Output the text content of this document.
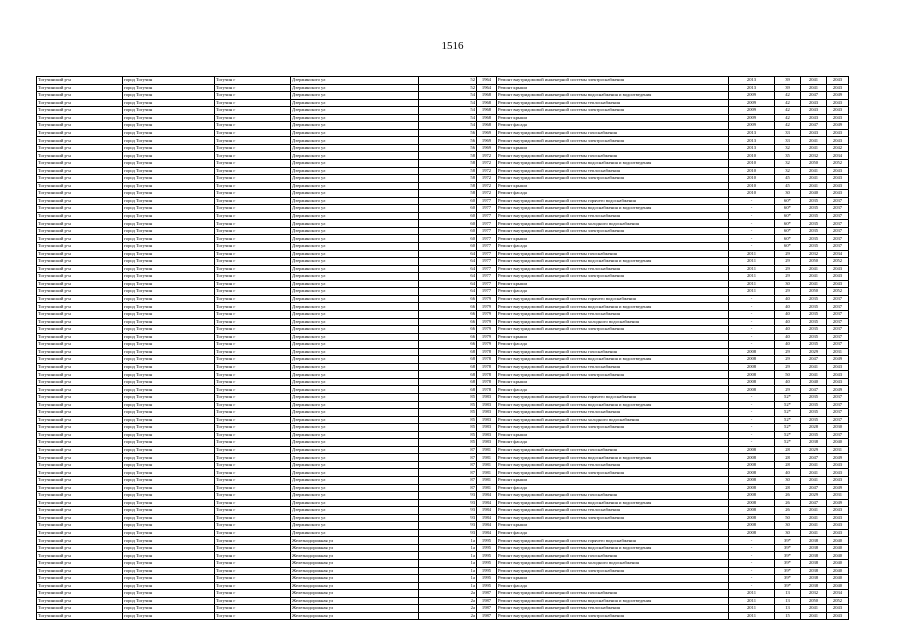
1516
Тогучинский р-н	город Тогучин	Тогучин г	Дзержинского ул	52	1964	Ремонт внутридомовой инженерной системы электроснабжения	2013	39	2041	2043
Тогучинский р-н	город Тогучин	Тогучин г	Дзержинского ул	52	1964	Ремонт крыши	2013	39	2041	2043
Тогучинский р-н	город Тогучин	Тогучин г	Дзержинского ул	54	1968	Ремонт внутридомовой инженерной системы водоснабжения и водоотведения	2009	42	2047	2049
Тогучинский р-н	город Тогучин	Тогучин г	Дзержинского ул	54	1968	Ремонт внутридомовой инженерной системы теплоснабжения	2009	42	2043	2043
Тогучинский р-н	город Тогучин	Тогучин г	Дзержинского ул	54	1968	Ремонт внутридомовой инженерной системы электроснабжения	2009	42	2043	2043
Тогучинский р-н	город Тогучин	Тогучин г	Дзержинского ул	54	1968	Ремонт крыши	2009	42	2043	2043
Тогучинский р-н	город Тогучин	Тогучин г	Дзержинского ул	54	1968	Ремонт фасада	2009	42	2047	2049
Тогучинский р-н	город Тогучин	Тогучин г	Дзержинского ул	56	1969	Ремонт внутридомовой инженерной системы газоснабжения	2013	33	2043	2043
Тогучинский р-н	город Тогучин	Тогучин г	Дзержинского ул	56	1969	Ремонт внутридомовой инженерной системы электроснабжения	2013	33	2041	2043
Тогучинский р-н	город Тогучин	Тогучин г	Дзержинского ул	56	1969	Ремонт крыши	2013	32	2041	2042
Тогучинский р-н	город Тогучин	Тогучин г	Дзержинского ул	58	1972	Ремонт внутридомовой инженерной системы газоснабжения	2010	35	2032	2034
Тогучинский р-н	город Тогучин	Тогучин г	Дзержинского ул	58	1972	Ремонт внутридомовой инженерной системы водоснабжения и водоотведения	2010	32	2050	2052
Тогучинский р-н	город Тогучин	Тогучин г	Дзержинского ул	58	1972	Ремонт внутридомовой инженерной системы теплоснабжения	2010	32	2041	2043
Тогучинский р-н	город Тогучин	Тогучин г	Дзержинского ул	58	1972	Ремонт внутридомовой инженерной системы электроснабжения	2010	45	2041	2043
Тогучинский р-н	город Тогучин	Тогучин г	Дзержинского ул	58	1972	Ремонт крыши	2010	45	2041	2043
Тогучинский р-н	город Тогучин	Тогучин г	Дзержинского ул	58	1972	Ремонт фасада	2010	30	2040	2043
Тогучинский р-н	город Тогучин	Тогучин г	Дзержинского ул	60	1977	Ремонт внутридомовой инженерной системы горячего водоснабжения	-	60*	2035	2037
Тогучинский р-н	город Тогучин	Тогучин г	Дзержинского ул	60	1977	Ремонт внутридомовой инженерной системы водоснабжения и водоотведения	-	60*	2035	2037
Тогучинский р-н	город Тогучин	Тогучин г	Дзержинского ул	60	1977	Ремонт внутридомовой инженерной системы теплоснабжения	-	60*	2035	2037
Тогучинский р-н	город Тогучин	Тогучин г	Дзержинского ул	60	1977	Ремонт внутридомовой инженерной системы холодного водоснабжения	-	60*	2035	2037
Тогучинский р-н	город Тогучин	Тогучин г	Дзержинского ул	60	1977	Ремонт внутридомовой инженерной системы электроснабжения	-	60*	2035	2037
Тогучинский р-н	город Тогучин	Тогучин г	Дзержинского ул	60	1977	Ремонт крыши	-	60*	2035	2037
Тогучинский р-н	город Тогучин	Тогучин г	Дзержинского ул	60	1977	Ремонт фасада	-	60*	2035	2037
Тогучинский р-н	город Тогучин	Тогучин г	Дзержинского ул	64	1977	Ремонт внутридомовой инженерной системы газоснабжения	2011	29	2032	2034
Тогучинский р-н	город Тогучин	Тогучин г	Дзержинского ул	64	1977	Ремонт внутридомовой инженерной системы водоснабжения и водоотведения	2011	29	2050	2052
Тогучинский р-н	город Тогучин	Тогучин г	Дзержинского ул	64	1977	Ремонт внутридомовой инженерной системы теплоснабжения	2011	29	2041	2043
Тогучинский р-н	город Тогучин	Тогучин г	Дзержинского ул	64	1977	Ремонт внутридомовой инженерной системы электроснабжения	2011	29	2041	2043
Тогучинский р-н	город Тогучин	Тогучин г	Дзержинского ул	64	1977	Ремонт крыши	2011	30	2041	2043
Тогучинский р-н	город Тогучин	Тогучин г	Дзержинского ул	64	1977	Ремонт фасада	2011	29	2050	2052
Тогучинский р-н	город Тогучин	Тогучин г	Дзержинского ул	66	1979	Ремонт внутридомовой инженерной системы горячего водоснабжения	-	40	2035	2037
Тогучинский р-н	город Тогучин	Тогучин г	Дзержинского ул	66	1979	Ремонт внутридомовой инженерной системы водоснабжения и водоотведения	-	40	2035	2037
Тогучинский р-н	город Тогучин	Тогучин г	Дзержинского ул	66	1979	Ремонт внутридомовой инженерной системы теплоснабжения	-	40	2035	2037
Тогучинский р-н	город Тогучин	Тогучин г	Дзержинского ул	66	1979	Ремонт внутридомовой инженерной системы холодного водоснабжения	-	40	2035	2037
Тогучинский р-н	город Тогучин	Тогучин г	Дзержинского ул	66	1979	Ремонт внутридомовой инженерной системы электроснабжения	-	40	2035	2037
Тогучинский р-н	город Тогучин	Тогучин г	Дзержинского ул	66	1979	Ремонт крыши	-	40	2035	2037
Тогучинский р-н	город Тогучин	Тогучин г	Дзержинского ул	66	1979	Ремонт фасада	-	40	2035	2037
Тогучинский р-н	город Тогучин	Тогучин г	Дзержинского ул	68	1978	Ремонт внутридомовой инженерной системы газоснабжения	2008	29	2029	2031
Тогучинский р-н	город Тогучин	Тогучин г	Дзержинского ул	68	1978	Ремонт внутридомовой инженерной системы водоснабжения и водоотведения	2008	29	2047	2049
Тогучинский р-н	город Тогучин	Тогучин г	Дзержинского ул	68	1978	Ремонт внутридомовой инженерной системы теплоснабжения	2008	29	2041	2043
Тогучинский р-н	город Тогучин	Тогучин г	Дзержинского ул	68	1978	Ремонт внутридомовой инженерной системы электроснабжения	2008	50	2041	2043
Тогучинский р-н	город Тогучин	Тогучин г	Дзержинского ул	68	1978	Ремонт крыши	2008	40	2040	2043
Тогучинский р-н	город Тогучин	Тогучин г	Дзержинского ул	68	1978	Ремонт фасада	2008	29	2047	2049
Тогучинский р-н	город Тогучин	Тогучин г	Дзержинского ул	85	1983	Ремонт внутридомовой инженерной системы горячего водоснабжения	-	52*	2035	2037
Тогучинский р-н	город Тогучин	Тогучин г	Дзержинского ул	85	1983	Ремонт внутридомовой инженерной системы водоснабжения и водоотведения	-	52*	2035	2037
Тогучинский р-н	город Тогучин	Тогучин г	Дзержинского ул	85	1983	Ремонт внутридомовой инженерной системы теплоснабжения	-	52*	2035	2037
Тогучинский р-н	город Тогучин	Тогучин г	Дзержинского ул	85	1983	Ремонт внутридомовой инженерной системы холодного водоснабжения	-	52*	2035	2037
Тогучинский р-н	город Тогучин	Тогучин г	Дзержинского ул	85	1983	Ремонт внутридомовой инженерной системы электроснабжения	-	52*	2028	2030
Тогучинский р-н	город Тогучин	Тогучин г	Дзержинского ул	85	1983	Ремонт крыши	-	52*	2035	2037
Тогучинский р-н	город Тогучин	Тогучин г	Дзержинского ул	85	1983	Ремонт фасада	-	52*	2038	2040
Тогучинский р-н	город Тогучин	Тогучин г	Дзержинского ул	87	1981	Ремонт внутридомовой инженерной системы газоснабжения	2008	28	2029	2031
Тогучинский р-н	город Тогучин	Тогучин г	Дзержинского ул	87	1981	Ремонт внутридомовой инженерной системы водоснабжения и водоотведения	2008	28	2047	2049
Тогучинский р-н	город Тогучин	Тогучин г	Дзержинского ул	87	1981	Ремонт внутридомовой инженерной системы теплоснабжения	2008	28	2041	2043
Тогучинский р-н	город Тогучин	Тогучин г	Дзержинского ул	87	1981	Ремонт внутридомовой инженерной системы электроснабжения	2008	40	2041	2043
Тогучинский р-н	город Тогучин	Тогучин г	Дзержинского ул	87	1981	Ремонт крыши	2008	30	2041	2043
Тогучинский р-н	город Тогучин	Тогучин г	Дзержинского ул	87	1981	Ремонт фасада	2008	28	2047	2049
Тогучинский р-н	город Тогучин	Тогучин г	Дзержинского ул	93	1984	Ремонт внутридомовой инженерной системы газоснабжения	2008	26	2029	2031
Тогучинский р-н	город Тогучин	Тогучин г	Дзержинского ул	93	1984	Ремонт внутридомовой инженерной системы водоснабжения и водоотведения	2008	26	2047	2049
Тогучинский р-н	город Тогучин	Тогучин г	Дзержинского ул	93	1984	Ремонт внутридомовой инженерной системы теплоснабжения	2008	26	2041	2043
Тогучинский р-н	город Тогучин	Тогучин г	Дзержинского ул	93	1984	Ремонт внутридомовой инженерной системы электроснабжения	2008	50	2041	2043
Тогучинский р-н	город Тогучин	Тогучин г	Дзержинского ул	93	1984	Ремонт крыши	2008	30	2041	2043
Тогучинский р-н	город Тогучин	Тогучин г	Дзержинского ул	93	1984	Ремонт фасада	2008	30	2041	2043
Тогучинский р-н	город Тогучин	Тогучин г	Железнодорожная ул	1а	1995	Ремонт внутридомовой инженерной системы горячего водоснабжения	-	39*	2038	2040
Тогучинский р-н	город Тогучин	Тогучин г	Железнодорожная ул	1а	1995	Ремонт внутридомовой инженерной системы водоснабжения и водоотведения	-	39*	2038	2040
Тогучинский р-н	город Тогучин	Тогучин г	Железнодорожная ул	1а	1995	Ремонт внутридомовой инженерной системы газоснабжения	-	39*	2038	2040
Тогучинский р-н	город Тогучин	Тогучин г	Железнодорожная ул	1а	1995	Ремонт внутридомовой инженерной системы холодного водоснабжения	-	39*	2038	2040
Тогучинский р-н	город Тогучин	Тогучин г	Железнодорожная ул	1а	1995	Ремонт внутридомовой инженерной системы электроснабжения	-	39*	2038	2040
Тогучинский р-н	город Тогучин	Тогучин г	Железнодорожная ул	1а	1995	Ремонт крыши	-	39*	2038	2040
Тогучинский р-н	город Тогучин	Тогучин г	Железнодорожная ул	1а	1995	Ремонт фасада	-	39*	2038	2040
Тогучинский р-н	город Тогучин	Тогучин г	Железнодорожная ул	2а	1987	Ремонт внутридомовой инженерной системы газоснабжения	2011	13	2032	2034
Тогучинский р-н	город Тогучин	Тогучин г	Железнодорожная ул	2а	1987	Ремонт внутридомовой инженерной системы водоснабжения и водоотведения	2011	13	2050	2052
Тогучинский р-н	город Тогучин	Тогучин г	Железнодорожная ул	2а	1987	Ремонт внутридомовой инженерной системы теплоснабжения	2011	13	2041	2043
Тогучинский р-н	город Тогучин	Тогучин г	Железнодорожная ул	2а	1987	Ремонт внутридомовой инженерной системы электроснабжения	2011	15	2041	2043
